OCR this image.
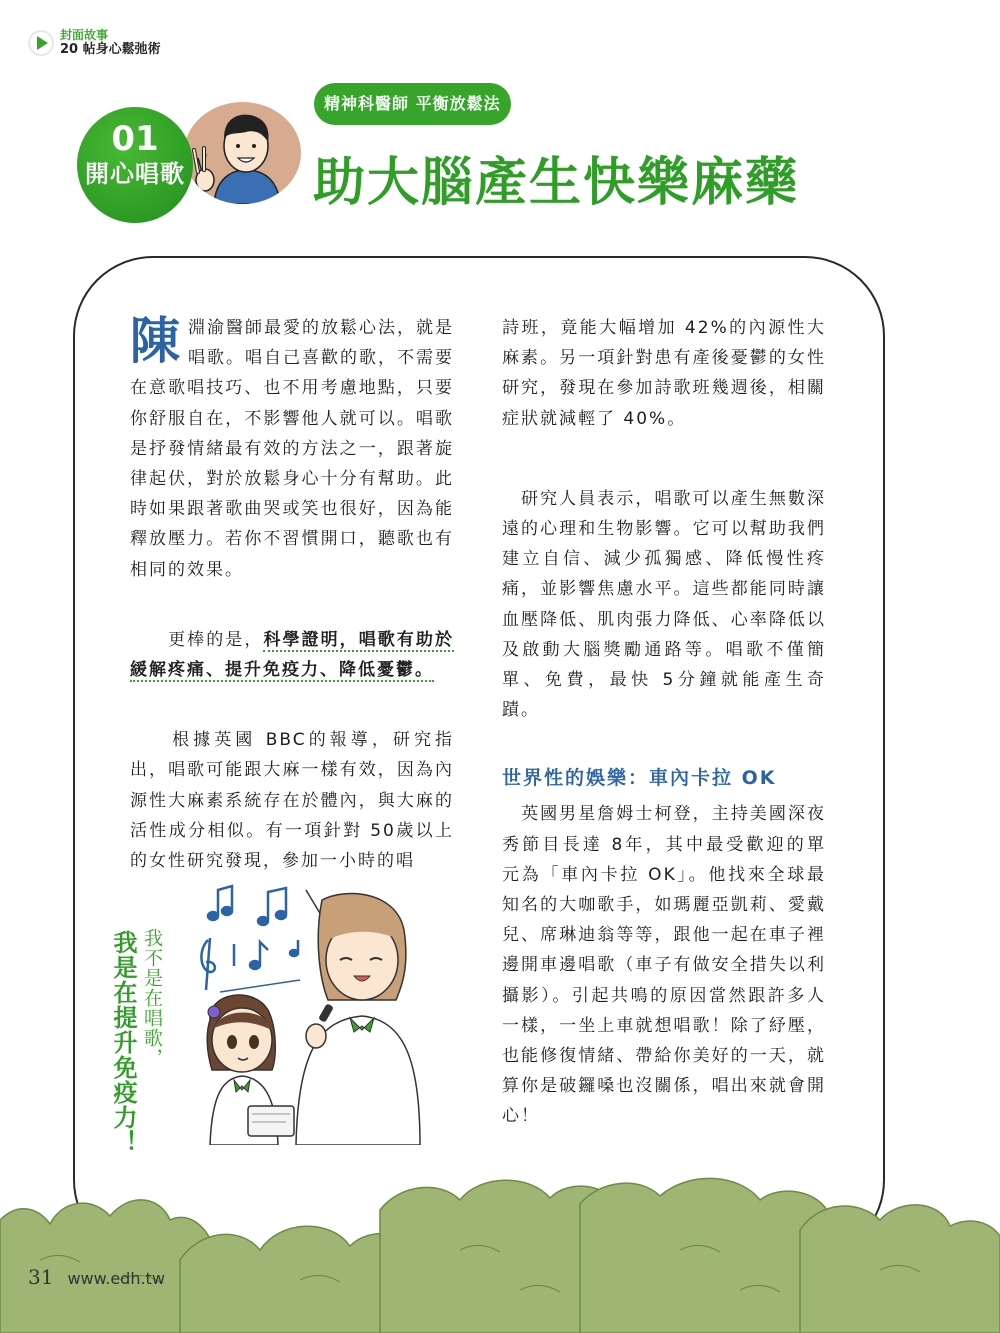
封面故事
20 帖身心鬆弛術
01
開心唱歌
精神科醫師 平衡放鬆法
助大腦產生快樂麻藥

陳淵渝醫師最愛的放鬆心法，就是唱歌。唱自己喜歡的歌，不需要在意歌唱技巧、也不用考慮地點，只要你舒服自在，不影響他人就可以。唱歌是抒發情緒最有效的方法之一，跟著旋律起伏，對於放鬆身心十分有幫助。此時如果跟著歌曲哭或笑也很好，因為能釋放壓力。若你不習慣開口，聽歌也有相同的效果。

　　更棒的是，科學證明，唱歌有助於緩解疼痛、提升免疫力、降低憂鬱。

　　根據英國 BBC的報導，研究指出，唱歌可能跟大麻一樣有效，因為內源性大麻素系統存在於體內，與大麻的活性成分相似。有一項針對 50歲以上的女性研究發現，參加一小時的唱

詩班，竟能大幅增加 42%的內源性大麻素。另一項針對患有產後憂鬱的女性研究，發現在參加詩歌班幾週後，相關症狀就減輕了 40%。

　研究人員表示，唱歌可以產生無數深遠的心理和生物影響。它可以幫助我們建立自信、減少孤獨感、降低慢性疼痛，並影響焦慮水平。這些都能同時讓血壓降低、肌肉張力降低、心率降低以及啟動大腦獎勵通路等。唱歌不僅簡單、免費，最快 5分鐘就能產生奇蹟。

世界性的娛樂：車內卡拉 OK

　英國男星詹姆士柯登，主持美國深夜秀節目長達 8年，其中最受歡迎的單元為「車內卡拉 OK」。他找來全球最知名的大咖歌手，如瑪麗亞凱莉、愛戴兒、席琳迪翁等等，跟他一起在車子裡邊開車邊唱歌（車子有做安全措失以利攝影）。引起共鳴的原因當然跟許多人一樣，一坐上車就想唱歌！除了紓壓，也能修復情緒、帶給你美好的一天，就算你是破鑼嗓也沒關係，唱出來就會開心！

我不是在唱歌，
我是在提升免疫力！
31 www.edh.tw
